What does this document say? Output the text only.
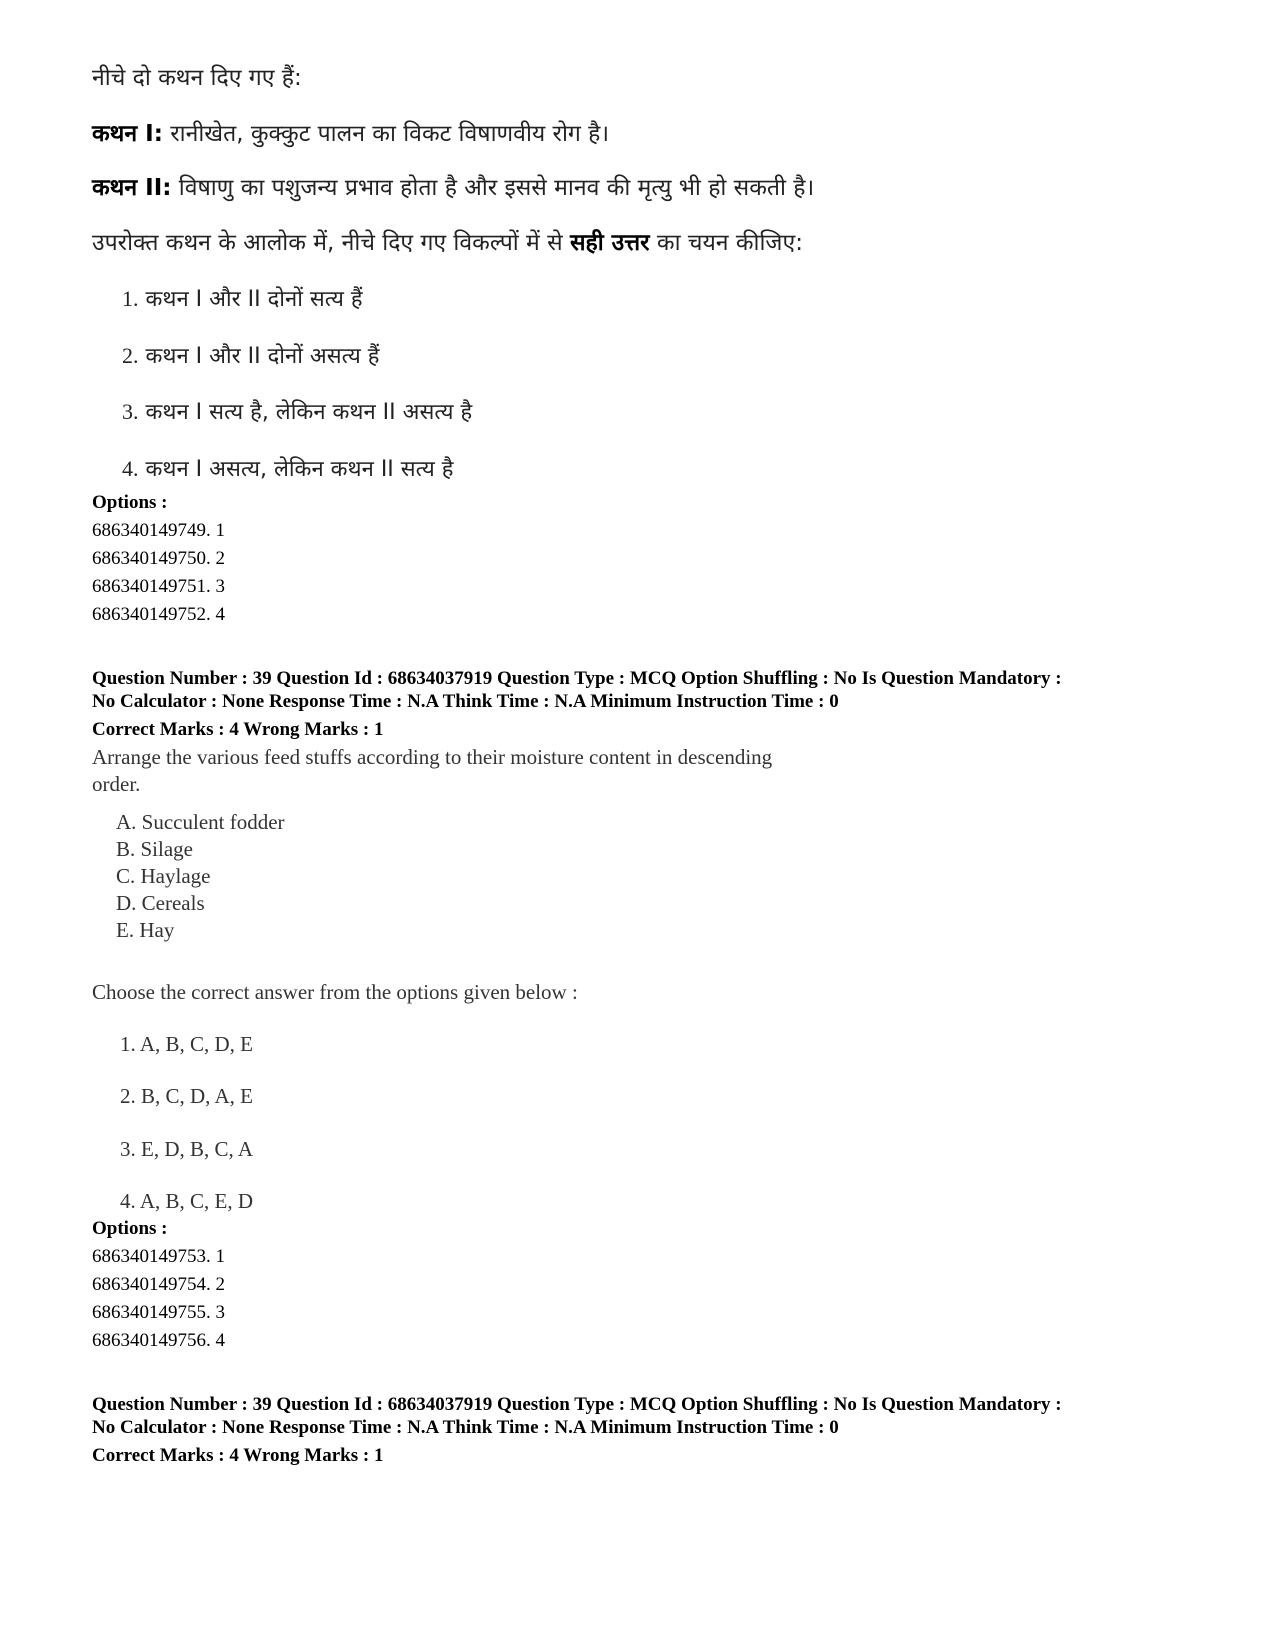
नीचे दो कथन दिए गए हैं:
कथन I: रानीखेत, कुक्कुट पालन का विकट विषाणवीय रोग है।
कथन II: विषाणु का पशुजन्य प्रभाव होता है और इससे मानव की मृत्यु भी हो सकती है।
उपरोक्त कथन के आलोक में, नीचे दिए गए विकल्पों में से सही उत्तर का चयन कीजिए:
1. कथन I और II दोनों सत्य हैं
2. कथन I और II दोनों असत्य हैं
3. कथन I सत्य है, लेकिन कथन II असत्य है
4. कथन I असत्य, लेकिन कथन II सत्य है
Options :
686340149749. 1
686340149750. 2
686340149751. 3
686340149752. 4
Question Number : 39 Question Id : 68634037919 Question Type : MCQ Option Shuffling : No Is Question Mandatory :
No Calculator : None Response Time : N.A Think Time : N.A Minimum Instruction Time : 0
Correct Marks : 4 Wrong Marks : 1
Arrange the various feed stuffs according to their moisture content in descending
order.
A. Succulent fodder
B. Silage
C. Haylage
D. Cereals
E. Hay
Choose the correct answer from the options given below :
1. A, B, C, D, E
2. B, C, D, A, E
3. E, D, B, C, A
4. A, B, C, E, D
Options :
686340149753. 1
686340149754. 2
686340149755. 3
686340149756. 4
Question Number : 39 Question Id : 68634037919 Question Type : MCQ Option Shuffling : No Is Question Mandatory :
No Calculator : None Response Time : N.A Think Time : N.A Minimum Instruction Time : 0
Correct Marks : 4 Wrong Marks : 1
